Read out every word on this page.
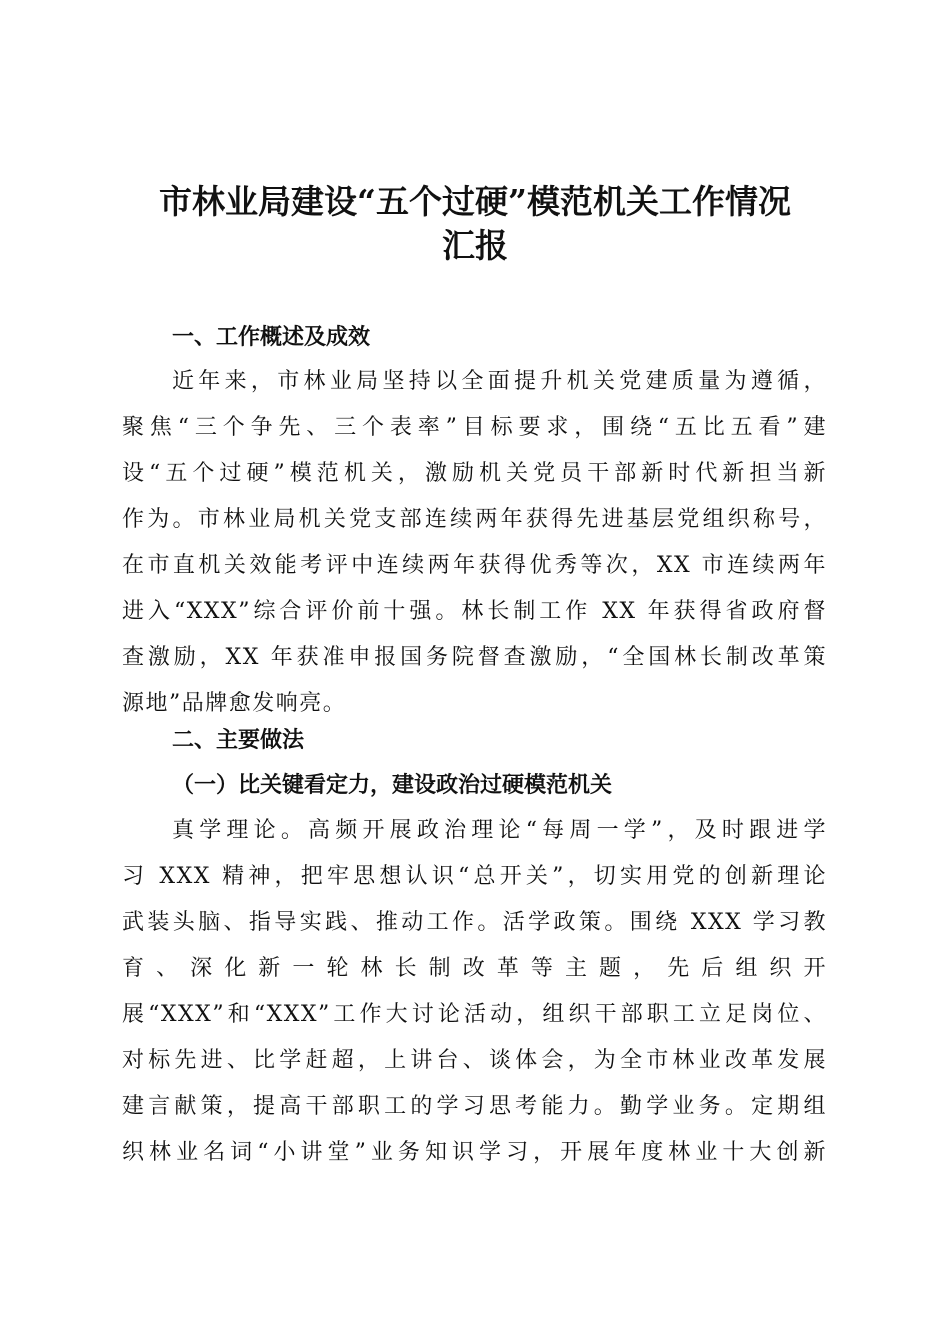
市林业局建设“五个过硬”模范机关工作情况
汇报
一、工作概述及成效
近年来，市林业局坚持以全面提升机关党建质量为遵循，
聚焦“三个争先、三个表率”目标要求，围绕“五比五看”建
设“五个过硬”模范机关，激励机关党员干部新时代新担当新
作为。市林业局机关党支部连续两年获得先进基层党组织称号，
在市直机关效能考评中连续两年获得优秀等次，XX 市连续两年
进入“XXX”综合评价前十强。林长制工作 XX 年获得省政府督
查激励，XX 年获准申报国务院督查激励，“全国林长制改革策
源地”品牌愈发响亮。
二、主要做法
（一）比关键看定力，建设政治过硬模范机关
真学理论。高频开展政治理论“每周一学”，及时跟进学
习 XXX 精神，把牢思想认识“总开关”，切实用党的创新理论
武装头脑、指导实践、推动工作。活学政策。围绕 XXX 学习教
育、深化新一轮林长制改革等主题，先后组织开
展“XXX”和“XXX”工作大讨论活动，组织干部职工立足岗位、
对标先进、比学赶超，上讲台、谈体会，为全市林业改革发展
建言献策，提高干部职工的学习思考能力。勤学业务。定期组
织林业名词“小讲堂”业务知识学习，开展年度林业十大创新
